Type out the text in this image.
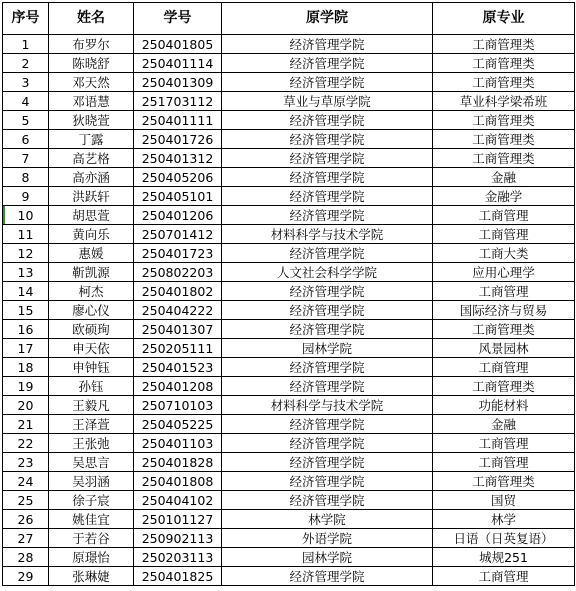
序号	姓名	学号	原学院	原专业
1	布罗尔	250401805	经济管理学院	工商管理类
2	陈晓舒	250401114	经济管理学院	工商管理类
3	邓天然	250401309	经济管理学院	工商管理类
4	邓语慧	251703112	草业与草原学院	草业科学梁希班
5	狄晓萱	250401111	经济管理学院	工商管理类
6	丁露	250401726	经济管理学院	工商管理类
7	高艺格	250401312	经济管理学院	工商管理类
8	高亦涵	250405206	经济管理学院	金融
9	洪跃轩	250405101	经济管理学院	金融学
10	胡思萱	250401206	经济管理学院	工商管理
11	黄向乐	250701412	材料科学与技术学院	工商管理
12	惠媛	250401723	经济管理学院	工商大类
13	靳凯源	250802203	人文社会科学学院	应用心理学
14	柯杰	250401802	经济管理学院	工商管理
15	廖心仪	250404222	经济管理学院	国际经济与贸易
16	欧硕珣	250401307	经济管理学院	工商管理类
17	申天依	250205111	园林学院	风景园林
18	申钟钰	250401523	经济管理学院	工商管理
19	孙钰	250401208	经济管理学院	工商管理类
20	王毅凡	250710103	材料科学与技术学院	功能材料
21	王泽萱	250405225	经济管理学院	金融
22	王张弛	250401103	经济管理学院	工商管理
23	吴思言	250401828	经济管理学院	工商管理
24	吴羽涵	250401808	经济管理学院	工商管理类
25	徐子宸	250404102	经济管理学院	国贸
26	姚佳宜	250101127	林学院	林学
27	于若谷	250902113	外语学院	日语（日英复语）
28	原璟怡	250203113	园林学院	城规251
29	张琳婕	250401825	经济管理学院	工商管理
